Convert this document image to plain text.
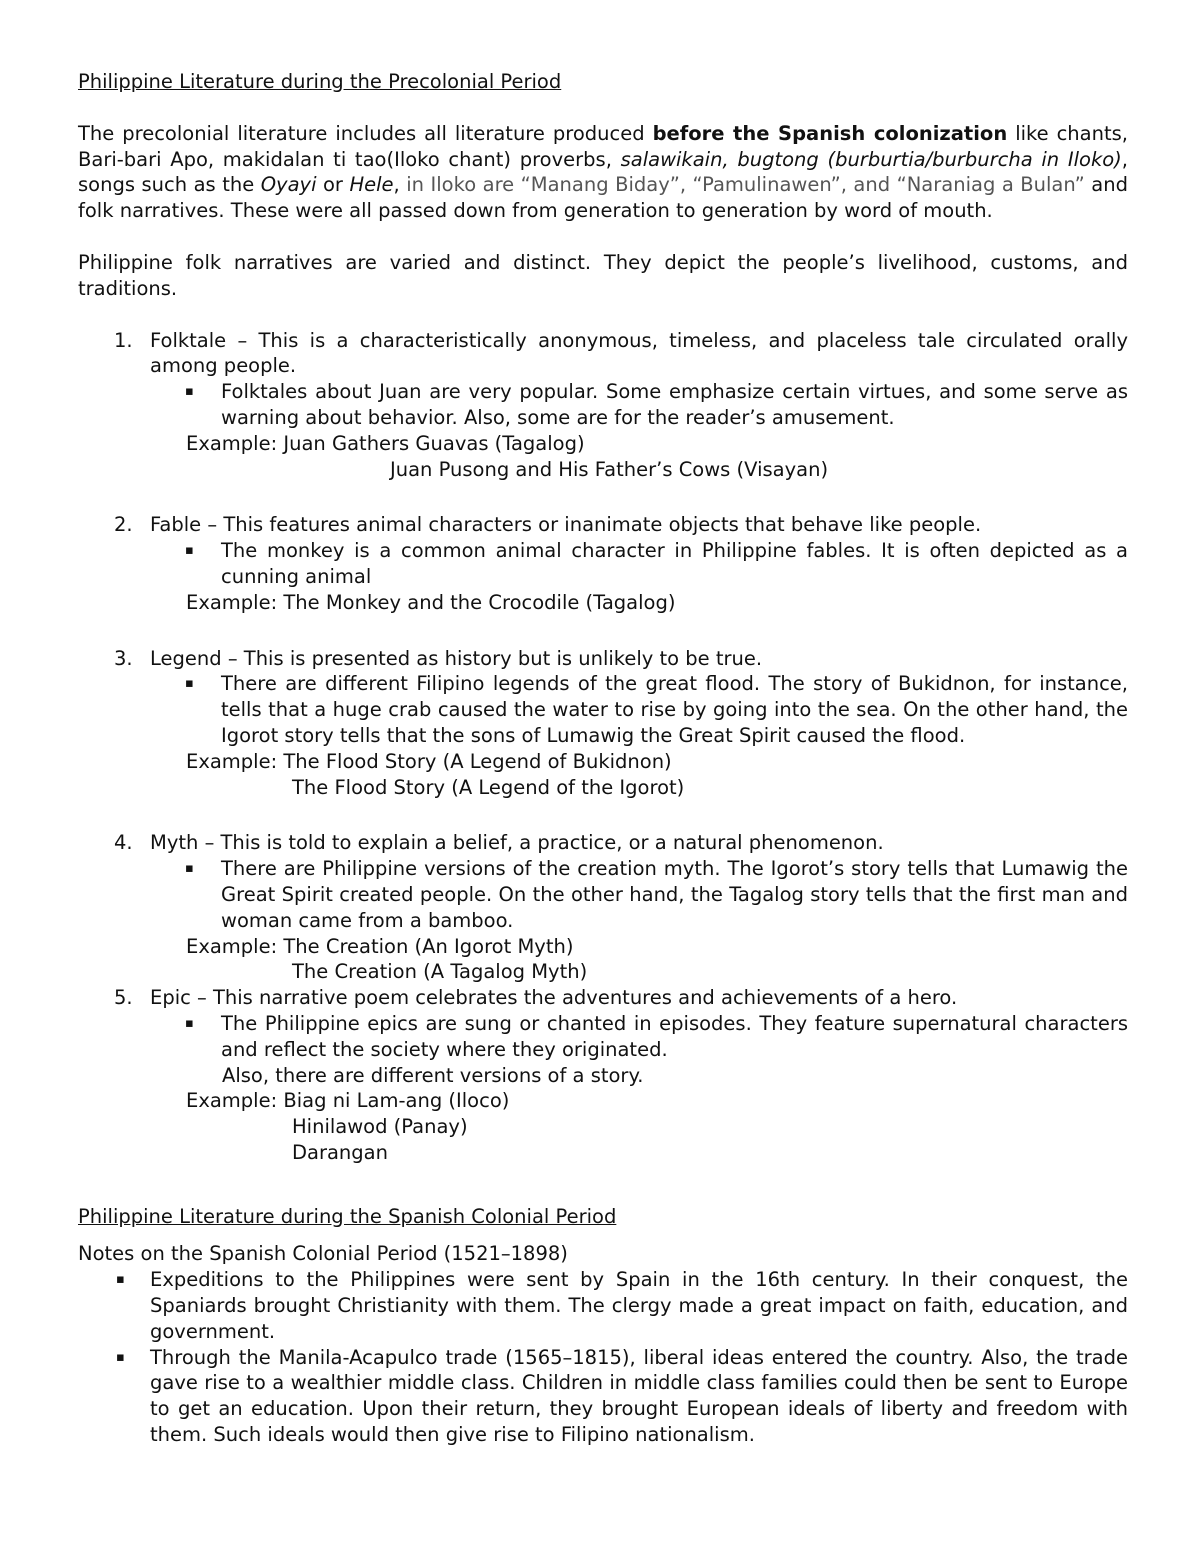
Philippine Literature during the Precolonial Period

The precolonial literature includes all literature produced before the Spanish colonization like chants, Bari-bari Apo, makidalan ti tao(Iloko chant) proverbs, salawikain, bugtong (burburtia/burburcha in Iloko), songs such as the Oyayi or Hele, in Iloko are “Manang Biday”, “Pamulinawen”, and “Naraniag a Bulan” and folk narratives. These were all passed down from generation to generation by word of mouth.

Philippine folk narratives are varied and distinct. They depict the people’s livelihood, customs, and traditions.

1. Folktale – This is a characteristically anonymous, timeless, and placeless tale circulated orally among people.

▪ Folktales about Juan are very popular. Some emphasize certain virtues, and some serve as warning about behavior. Also, some are for the reader’s amusement.

Example: Juan Gathers Guavas (Tagalog)

Juan Pusong and His Father’s Cows (Visayan)

2. Fable – This features animal characters or inanimate objects that behave like people.

▪ The monkey is a common animal character in Philippine fables. It is often depicted as a cunning animal

Example: The Monkey and the Crocodile (Tagalog)

3. Legend – This is presented as history but is unlikely to be true.

▪ There are different Filipino legends of the great flood. The story of Bukidnon, for instance, tells that a huge crab caused the water to rise by going into the sea. On the other hand, the Igorot story tells that the sons of Lumawig the Great Spirit caused the flood.

Example: The Flood Story (A Legend of Bukidnon)

The Flood Story (A Legend of the Igorot)

4. Myth – This is told to explain a belief, a practice, or a natural phenomenon.

▪ There are Philippine versions of the creation myth. The Igorot’s story tells that Lumawig the Great Spirit created people. On the other hand, the Tagalog story tells that the first man and woman came from a bamboo.

Example: The Creation (An Igorot Myth)

The Creation (A Tagalog Myth)

5. Epic – This narrative poem celebrates the adventures and achievements of a hero.

▪ The Philippine epics are sung or chanted in episodes. They feature supernatural characters and reflect the society where they originated.

Also, there are different versions of a story.

Example: Biag ni Lam-ang (Iloco)

Hinilawod (Panay)

Darangan

Philippine Literature during the Spanish Colonial Period

Notes on the Spanish Colonial Period (1521–1898)

▪ Expeditions to the Philippines were sent by Spain in the 16th century. In their conquest, the Spaniards brought Christianity with them. The clergy made a great impact on faith, education, and government.
▪ Through the Manila-Acapulco trade (1565–1815), liberal ideas entered the country. Also, the trade gave rise to a wealthier middle class. Children in middle class families could then be sent to Europe to get an education. Upon their return, they brought European ideals of liberty and freedom with them. Such ideals would then give rise to Filipino nationalism.
